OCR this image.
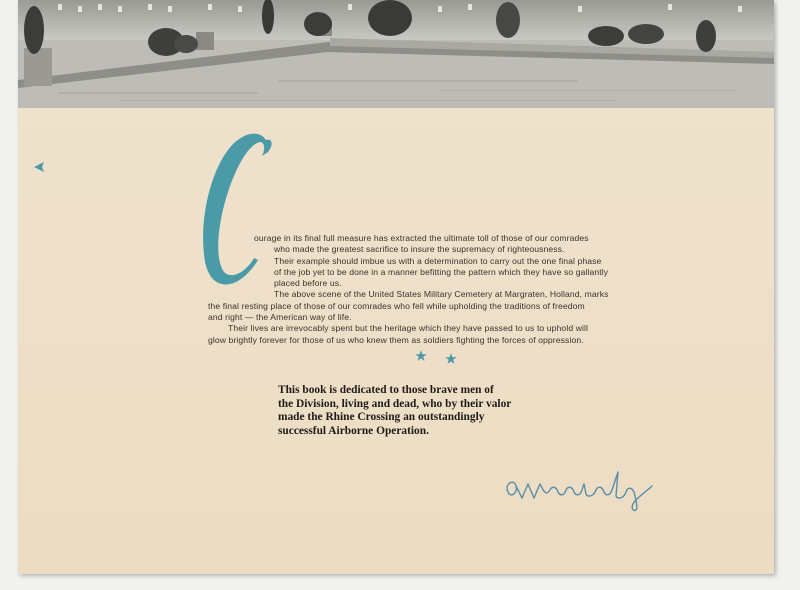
ourage in its final full measure has extracted the ultimate toll of those of our comrades

who made the greatest sacrifice to insure the supremacy of righteousness.

Their example should imbue us with a determination to carry out the one final phase

of the job yet to be done in a manner befitting the pattern which they have so gallantly

placed before us.

The above scene of the United States Military Cemetery at Margraten, Holland, marks

the final resting place of those of our comrades who fell while upholding the traditions of freedom

and right — the American way of life.

Their lives are irrevocably spent but the heritage which they have passed to us to uphold will

glow brightly forever for those of us who knew them as soldiers fighting the forces of oppression.

This book is dedicated to those brave men of
the Division, living and dead, who by their valor
made the Rhine Crossing an outstandingly
successful Airborne Operation.
